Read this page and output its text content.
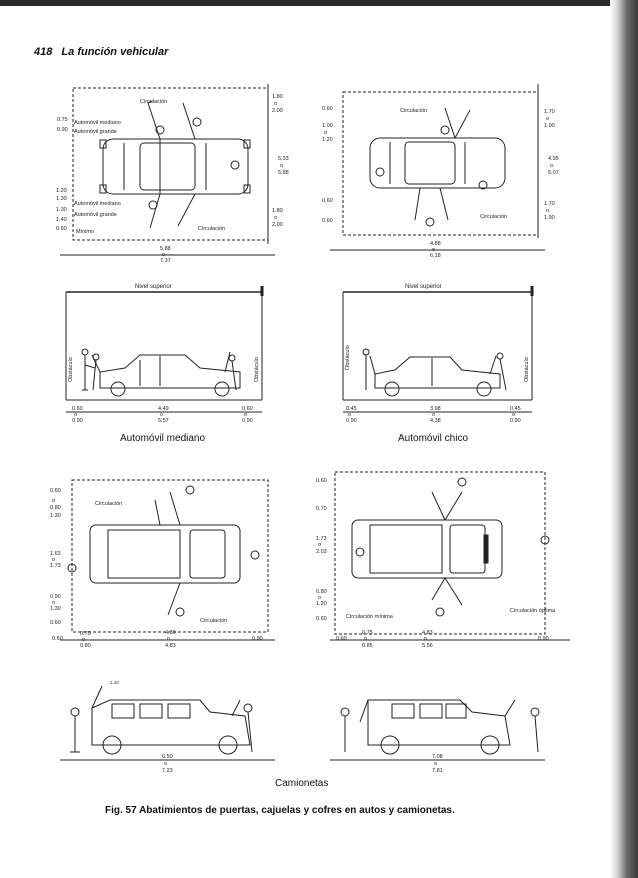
418 La función vehicular
Circulación
Circulación
0.75
0.90
Automóvil mediano
Automóvil grande
1.20
1.30
Automóvil mediano
1.30
Automóvil grande
1.40
0.60 Mínimo
1.80
o
2.00
5.33
o
5.88
1.80
o
2.00
5.88
o
7.37
Circulación
Circulación
0.60
1.00
o
1.20
0.60
0.60
1.70
o
1.90
4.95
o
5.07
1.70
o
1.90
4.88
o
6.18
Nivel superior
Obstáculo	Obstáculo
0.60
o
0.90
4.49
o
5.57
0.60
o
0.90
Nivel superior
Obstáculo	Obstáculo
0.45
o
0.90
3.98
o
4.38
0.45
o
0.90
Circulación
Circulación
0.60
o
0.80
1.30
1.63
o
1.73
0.90
o
1.30
0.60
0.60
0.70
o
0.80
4.30
o
4.83
0.90
Circulación mínima
Circulación óptima
0.60
0.70
1.73
o
2.03
0.80
o
1.20
0.60
0.60
0.75
o
0.85
4.83
o
5.56
0.90
1.10
6.50
o
7.23
7.08
o
7.81
Automóvil mediano	Automóvil chico
Camionetas
Fig. 57 Abatimientos de puertas, cajuelas y cofres en autos y camionetas.
